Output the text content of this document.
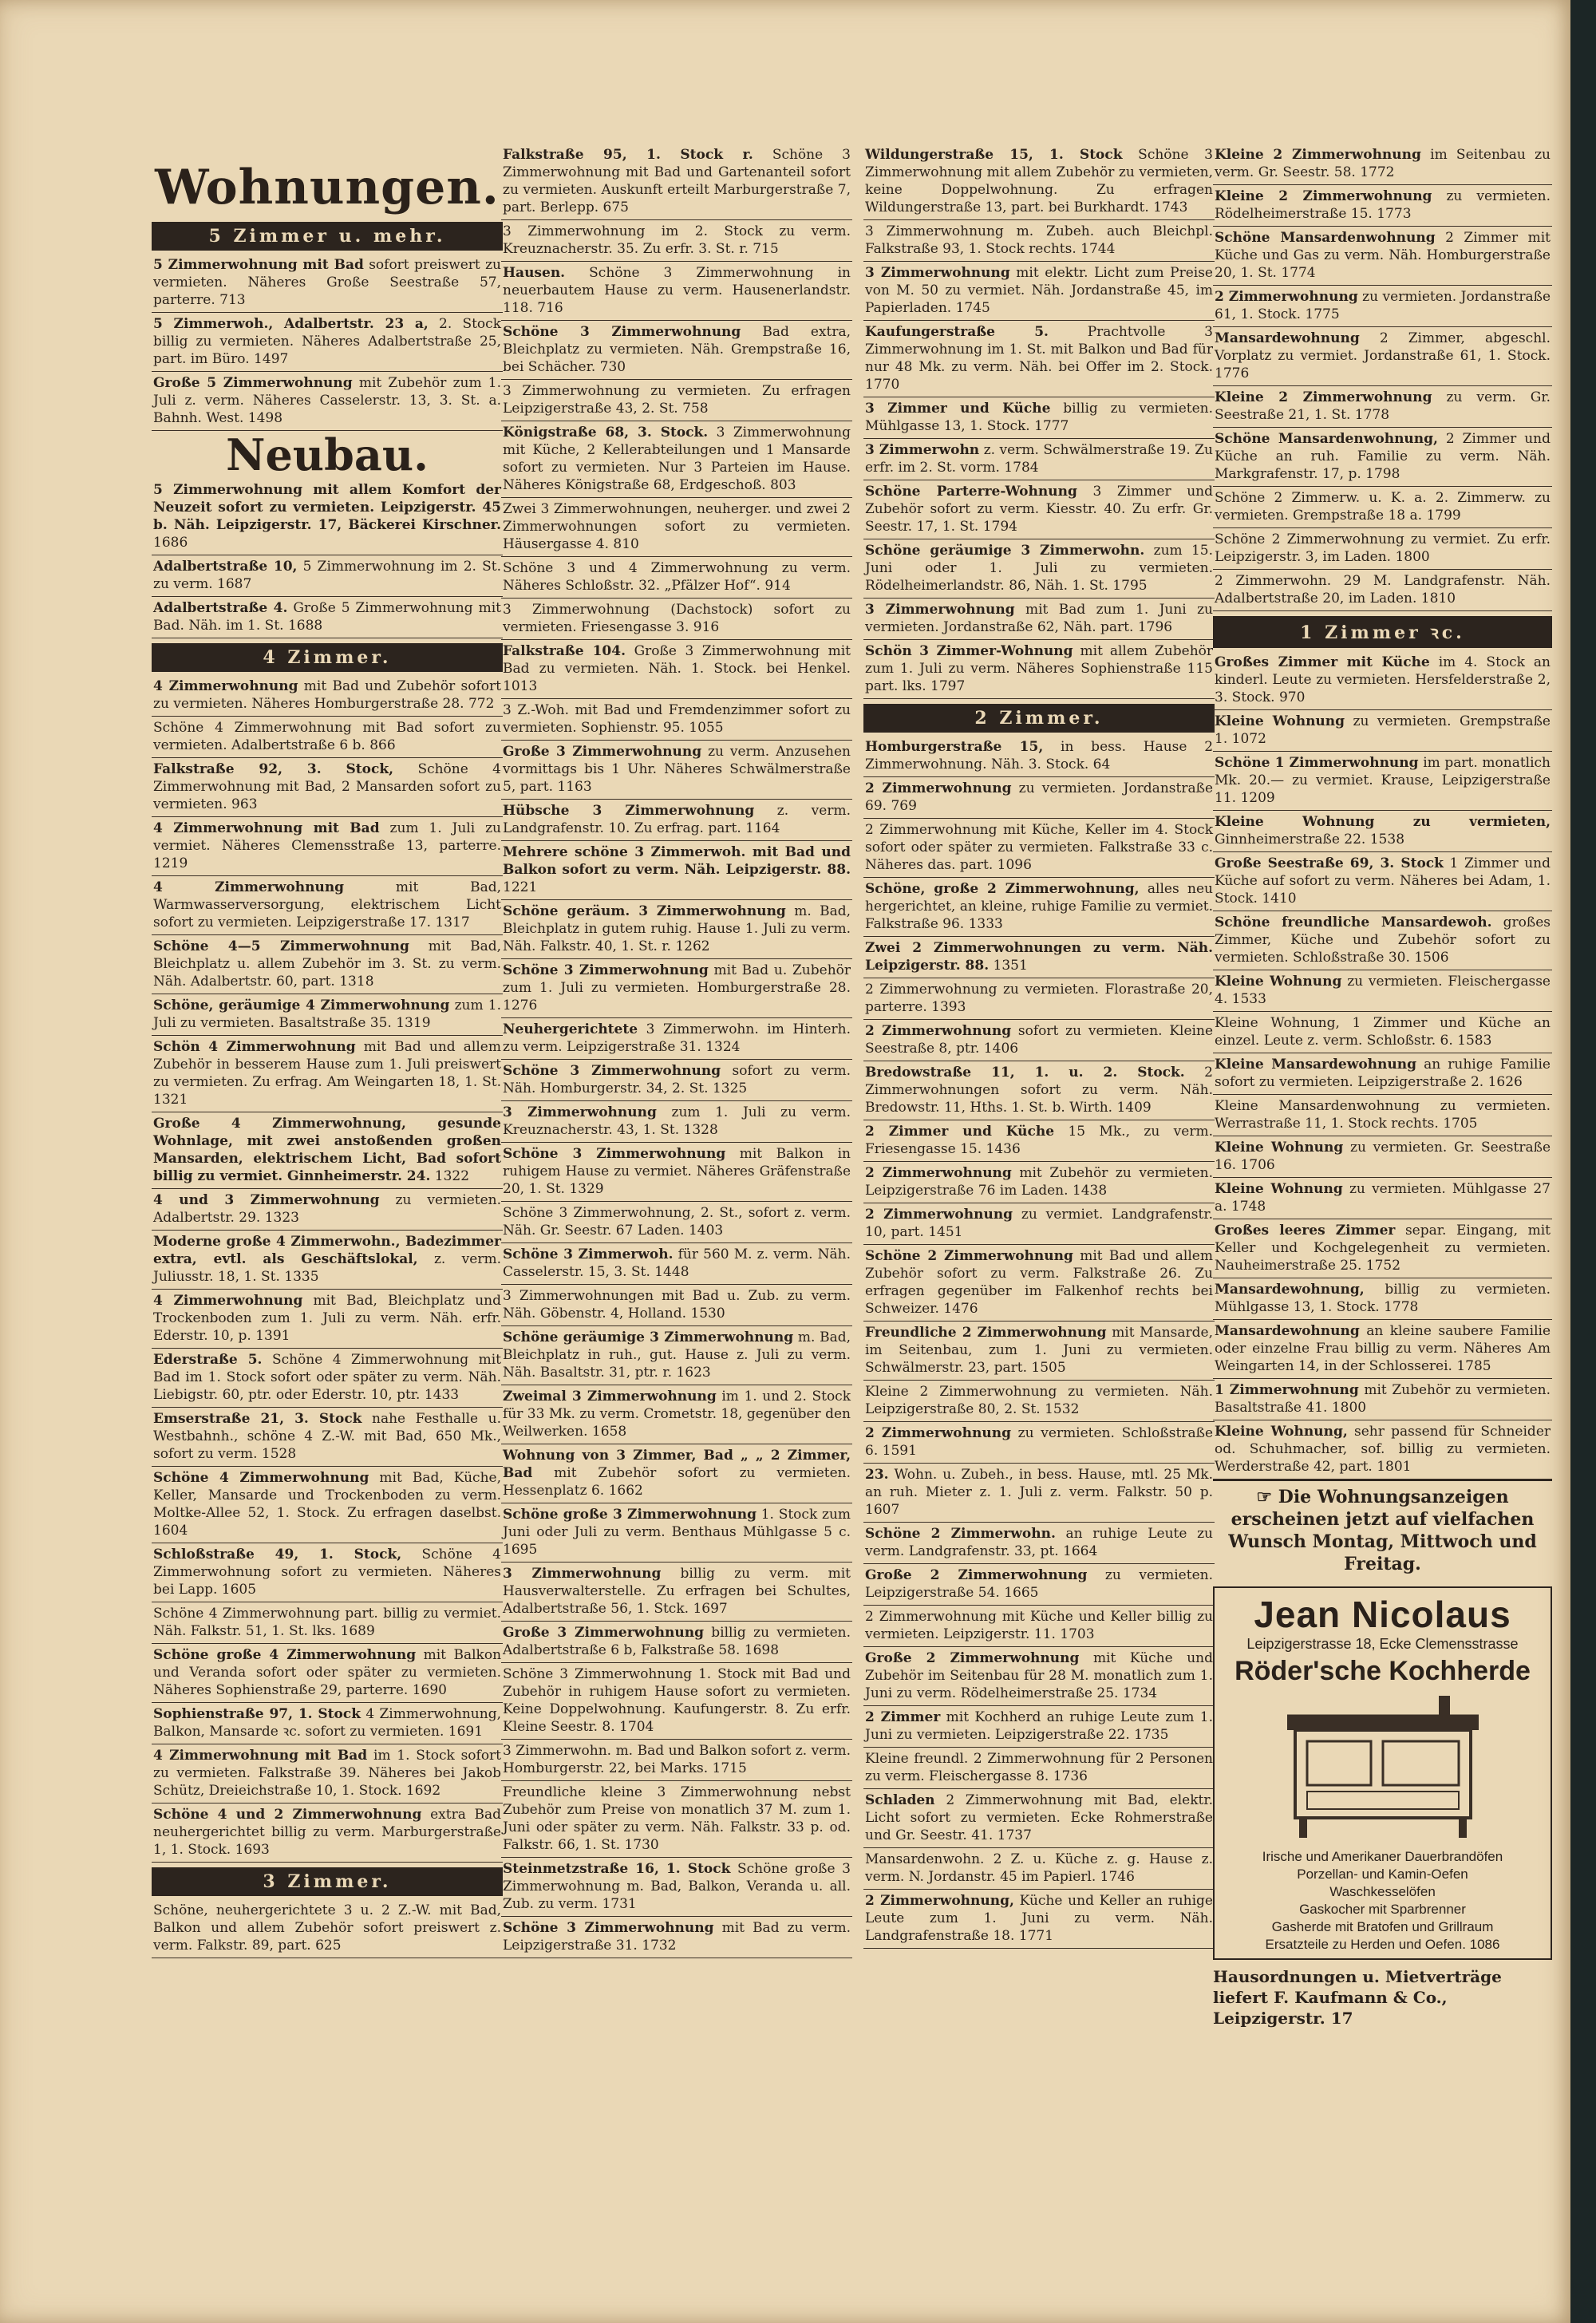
Wohnungen.
5 Zimmer u. mehr.
5 Zimmerwohnung mit Bad sofort preiswert zu vermieten. Näheres Große Seestraße 57, parterre. 713
5 Zimmerwoh., Adalbertstr. 23 a, 2. Stock billig zu vermieten. Näheres Adalbertstraße 25, part. im Büro. 1497
Große 5 Zimmerwohnung mit Zubehör zum 1. Juli z. verm. Näheres Casselerstr. 13, 3. St. a. Bahnh. West. 1498
Neubau.
5 Zimmerwohnung mit allem Komfort der Neuzeit sofort zu vermieten. Leipzigerstr. 45 b. Näh. Leipzigerstr. 17, Bäckerei Kirschner. 1686
Adalbertstraße 10, 5 Zimmerwohnung im 2. St. zu verm. 1687
Adalbertstraße 4. Große 5 Zimmerwohnung mit Bad. Näh. im 1. St. 1688
4 Zimmer.
4 Zimmerwohnung mit Bad und Zubehör sofort zu vermieten. Näheres Homburgerstraße 28. 772
Schöne 4 Zimmerwohnung mit Bad sofort zu vermieten. Adalbertstraße 6 b. 866
Falkstraße 92, 3. Stock, Schöne 4 Zimmerwohnung mit Bad, 2 Mansarden sofort zu vermieten. 963
4 Zimmerwohnung mit Bad zum 1. Juli zu vermiet. Näheres Clemensstraße 13, parterre. 1219
4 Zimmerwohnung	mit Bad, Warmwasserversorgung, elektrischem Licht sofort zu vermieten. Leipzigerstraße 17. 1317
Schöne 4—5 Zimmerwohnung mit Bad, Bleichplatz u. allem Zubehör im 3. St. zu verm. Näh. Adalbertstr. 60, part. 1318
Schöne, geräumige 4 Zimmerwohnung zum 1. Juli zu vermieten. Basaltstraße 35. 1319
Schön 4 Zimmerwohnung mit Bad und allem Zubehör in besserem Hause zum 1. Juli preiswert zu vermieten. Zu erfrag. Am Weingarten 18, 1. St. 1321
Große 4 Zimmerwohnung, gesunde Wohnlage, mit zwei anstoßenden großen Mansarden, elektrischem Licht, Bad sofort billig zu vermiet. Ginnheimerstr. 24. 1322
4 und 3 Zimmerwohnung zu vermieten. Adalbertstr. 29. 1323
Moderne große 4 Zimmerwohn., Badezimmer extra, evtl. als Geschäftslokal, z. verm. Juliusstr. 18, 1. St. 1335
4 Zimmerwohnung mit Bad, Bleichplatz und Trockenboden zum 1. Juli zu verm. Näh. erfr. Ederstr. 10, p. 1391
Ederstraße 5. Schöne 4 Zimmerwohnung mit Bad im 1. Stock sofort oder später zu verm. Näh. Liebigstr. 60, ptr. oder Ederstr. 10, ptr. 1433
Emserstraße 21, 3. Stock nahe Festhalle u. Westbahnh., schöne 4 Z.-W. mit Bad, 650 Mk., sofort zu verm. 1528
Schöne 4 Zimmerwohnung mit Bad, Küche, Keller, Mansarde und Trockenboden zu verm. Moltke-Allee 52, 1. Stock. Zu erfragen daselbst. 1604
Schloßstraße 49, 1. Stock, Schöne 4 Zimmerwohnung sofort zu vermieten. Näheres bei Lapp. 1605
Schöne 4 Zimmerwohnung part. billig zu vermiet. Näh. Falkstr. 51, 1. St. lks. 1689
Schöne große 4 Zimmerwohnung mit Balkon und Veranda sofort oder später zu vermieten. Näheres Sophienstraße 29, parterre. 1690
Sophienstraße 97, 1. Stock 4 Zimmerwohnung, Balkon, Mansarde ꝛc. sofort zu vermieten. 1691
4 Zimmerwohnung mit Bad im 1. Stock sofort zu vermieten. Falkstraße 39. Näheres bei Jakob Schütz, Dreieichstraße 10, 1. Stock. 1692
Schöne 4 und 2 Zimmerwohnung extra Bad neuhergerichtet billig zu verm. Marburgerstraße 1, 1. Stock. 1693
3 Zimmer.
Schöne, neuhergerichtete 3 u. 2 Z.-W. mit Bad, Balkon und allem Zubehör sofort preiswert z. verm. Falkstr. 89, part. 625
Falkstraße 95, 1. Stock r. Schöne 3 Zimmerwohnung mit Bad und Gartenanteil sofort zu vermieten. Auskunft erteilt Marburgerstraße 7, part. Berlepp. 675
3 Zimmerwohnung im 2. Stock zu verm. Kreuznacherstr. 35. Zu erfr. 3. St. r. 715
Hausen. Schöne 3 Zimmerwohnung in neuerbautem Hause zu verm. Hausenerlandstr. 118. 716
Schöne 3 Zimmerwohnung Bad extra, Bleichplatz zu vermieten. Näh. Grempstraße 16, bei Schächer. 730
3 Zimmerwohnung zu vermieten. Zu erfragen Leipzigerstraße 43, 2. St. 758
Königstraße 68, 3. Stock. 3 Zimmerwohnung mit Küche, 2 Kellerabteilungen und 1 Mansarde sofort zu vermieten. Nur 3 Parteien im Hause. Näheres Königstraße 68, Erdgeschoß. 803
Zwei 3 Zimmerwohnungen, neuherger. und zwei 2 Zimmerwohnungen sofort zu vermieten. Häusergasse 4. 810
Schöne 3 und 4 Zimmerwohnung zu verm. Näheres Schloßstr. 32. „Pfälzer Hof“. 914
3 Zimmerwohnung (Dachstock) sofort zu vermieten. Friesengasse 3. 916
Falkstraße 104. Große 3 Zimmerwohnung mit Bad zu vermieten. Näh. 1. Stock. bei Henkel. 1013
3 Z.-Woh. mit Bad und Fremdenzimmer sofort zu vermieten. Sophienstr. 95. 1055
Große 3 Zimmerwohnung zu verm. Anzusehen vormittags bis 1 Uhr. Näheres Schwälmerstraße 5, part. 1163
Hübsche 3 Zimmerwohnung z. verm. Landgrafenstr. 10. Zu erfrag. part. 1164
Mehrere schöne 3 Zimmerwoh. mit Bad und Balkon sofort zu verm. Näh. Leipzigerstr. 88. 1221
Schöne geräum. 3 Zimmerwohnung m. Bad, Bleichplatz in gutem ruhig. Hause 1. Juli zu verm. Näh. Falkstr. 40, 1. St. r. 1262
Schöne 3 Zimmerwohnung mit Bad u. Zubehör zum 1. Juli zu vermieten. Homburgerstraße 28. 1276
Neuhergerichtete 3 Zimmerwohn. im Hinterh. zu verm. Leipzigerstraße 31. 1324
Schöne 3 Zimmerwohnung sofort zu verm. Näh. Homburgerstr. 34, 2. St. 1325
3 Zimmerwohnung zum 1. Juli zu verm. Kreuznacherstr. 43, 1. St. 1328
Schöne 3 Zimmerwohnung mit Balkon in ruhigem Hause zu vermiet. Näheres Gräfenstraße 20, 1. St. 1329
Schöne 3 Zimmerwohnung, 2. St., sofort z. verm. Näh. Gr. Seestr. 67 Laden. 1403
Schöne 3 Zimmerwoh. für 560 M. z. verm. Näh. Casselerstr. 15, 3. St. 1448
3 Zimmerwohnungen mit Bad u. Zub. zu verm. Näh. Göbenstr. 4, Holland. 1530
Schöne geräumige 3 Zimmerwohnung m. Bad, Bleichplatz in ruh., gut. Hause z. Juli zu verm. Näh. Basaltstr. 31, ptr. r. 1623
Zweimal 3 Zimmerwohnung im 1. und 2. Stock für 33 Mk. zu verm. Crometstr. 18, gegenüber den Weilwerken. 1658
Wohnung von 3 Zimmer, Bad „ „ 2 Zimmer, Bad mit Zubehör sofort zu vermieten. Hessenplatz 6. 1662
Schöne große 3 Zimmerwohnung 1. Stock zum Juni oder Juli zu verm. Benthaus Mühlgasse 5 c. 1695
3 Zimmerwohnung billig zu verm. mit Hausverwalterstelle. Zu erfragen bei Schultes, Adalbertstraße 56, 1. Stck. 1697
Große 3 Zimmerwohnung billig zu vermieten. Adalbertstraße 6 b, Falkstraße 58. 1698
Schöne 3 Zimmerwohnung 1. Stock mit Bad und Zubehör in ruhigem Hause sofort zu vermieten. Keine Doppelwohnung. Kaufungerstr. 8. Zu erfr. Kleine Seestr. 8. 1704
3 Zimmerwohn. m. Bad und Balkon sofort z. verm. Homburgerstr. 22, bei Marks. 1715
Freundliche kleine 3 Zimmerwohnung nebst Zubehör zum Preise von monatlich 37 M. zum 1. Juni oder später zu verm. Näh. Falkstr. 33 p. od. Falkstr. 66, 1. St. 1730
Steinmetzstraße 16, 1. Stock Schöne große 3 Zimmerwohnung m. Bad, Balkon, Veranda u. all. Zub. zu verm. 1731
Schöne 3 Zimmerwohnung mit Bad zu verm. Leipzigerstraße 31. 1732
Wildungerstraße 15, 1. Stock Schöne 3 Zimmerwohnung mit allem Zubehör zu vermieten, keine Doppelwohnung. Zu erfragen Wildungerstraße 13, part. bei Burkhardt. 1743
3 Zimmerwohnung m. Zubeh. auch Bleichpl. Falkstraße 93, 1. Stock rechts. 1744
3 Zimmerwohnung mit elektr. Licht zum Preise von M. 50 zu vermiet. Näh. Jordanstraße 45, im Papierladen. 1745
Kaufungerstraße 5.	Prachtvolle 3 Zimmerwohnung im 1. St. mit Balkon und Bad für nur 48 Mk. zu verm. Näh. bei Offer im 2. Stock. 1770
3 Zimmer und Küche billig zu vermieten. Mühlgasse 13, 1. Stock. 1777
3 Zimmerwohn z. verm. Schwälmerstraße 19. Zu erfr. im 2. St. vorm. 1784
Schöne Parterre-Wohnung 3 Zimmer und Zubehör sofort zu verm. Kiesstr. 40. Zu erfr. Gr. Seestr. 17, 1. St. 1794
Schöne geräumige 3 Zimmerwohn. zum 15. Juni oder 1. Juli zu vermieten. Rödelheimerlandstr. 86, Näh. 1. St. 1795
3 Zimmerwohnung mit Bad zum 1. Juni zu vermieten. Jordanstraße 62, Näh. part. 1796
Schön 3 Zimmer-Wohnung mit allem Zubehör zum 1. Juli zu verm. Näheres Sophienstraße 115 part. lks. 1797
2 Zimmer.
Homburgerstraße 15, in bess. Hause 2 Zimmerwohnung. Näh. 3. Stock. 64
2 Zimmerwohnung zu vermieten. Jordanstraße 69. 769
2 Zimmerwohnung mit Küche, Keller im 4. Stock sofort oder später zu vermieten. Falkstraße 33 c. Näheres das. part. 1096
Schöne, große 2 Zimmerwohnung, alles neu hergerichtet, an kleine, ruhige Familie zu vermiet. Falkstraße 96. 1333
Zwei 2 Zimmerwohnungen zu verm. Näh. Leipzigerstr. 88. 1351
2 Zimmerwohnung zu vermieten. Florastraße 20, parterre. 1393
2 Zimmerwohnung sofort zu vermieten. Kleine Seestraße 8, ptr. 1406
Bredowstraße 11, 1. u. 2. Stock. 2 Zimmerwohnungen sofort zu verm. Näh. Bredowstr. 11, Hths. 1. St. b. Wirth. 1409
2 Zimmer und Küche 15 Mk., zu verm. Friesengasse 15. 1436
2 Zimmerwohnung mit Zubehör zu vermieten. Leipzigerstraße 76 im Laden. 1438
2 Zimmerwohnung zu vermiet. Landgrafenstr. 10, part. 1451
Schöne 2 Zimmerwohnung mit Bad und allem Zubehör sofort zu verm. Falkstraße 26. Zu erfragen gegenüber im Falkenhof rechts bei Schweizer. 1476
Freundliche 2 Zimmerwohnung mit Mansarde, im Seitenbau, zum 1. Juni zu vermieten. Schwälmerstr. 23, part. 1505
Kleine 2 Zimmerwohnung zu vermieten. Näh. Leipzigerstraße 80, 2. St. 1532
2 Zimmerwohnung zu vermieten. Schloßstraße 6. 1591
23. Wohn. u. Zubeh., in bess. Hause, mtl. 25 Mk. an ruh. Mieter z. 1. Juli z. verm. Falkstr. 50 p. 1607
Schöne 2 Zimmerwohn. an ruhige Leute zu verm. Landgrafenstr. 33, pt. 1664
Große 2 Zimmerwohnung zu vermieten. Leipzigerstraße 54. 1665
2 Zimmerwohnung mit Küche und Keller billig zu vermieten. Leipzigerstr. 11. 1703
Große 2 Zimmerwohnung mit Küche und Zubehör im Seitenbau für 28 M. monatlich zum 1. Juni zu verm. Rödelheimerstraße 25. 1734
2 Zimmer mit Kochherd an ruhige Leute zum 1. Juni zu vermieten. Leipzigerstraße 22. 1735
Kleine freundl. 2 Zimmerwohnung für 2 Personen zu verm. Fleischergasse 8. 1736
Schladen 2 Zimmerwohnung mit Bad, elektr. Licht sofort zu vermieten. Ecke Rohmerstraße und Gr. Seestr. 41. 1737
Mansardenwohn. 2 Z. u. Küche z. g. Hause z. verm. N. Jordanstr. 45 im Papierl. 1746
2 Zimmerwohnung, Küche und Keller an ruhige Leute zum 1. Juni zu verm. Näh. Landgrafenstraße 18. 1771
Kleine 2 Zimmerwohnung im Seitenbau zu verm. Gr. Seestr. 58. 1772
Kleine 2 Zimmerwohnung zu vermieten. Rödelheimerstraße 15. 1773
Schöne Mansardenwohnung 2 Zimmer mit Küche und Gas zu verm. Näh. Homburgerstraße 20, 1. St. 1774
2 Zimmerwohnung zu vermieten. Jordanstraße 61, 1. Stock. 1775
Mansardewohnung 2 Zimmer, abgeschl. Vorplatz zu vermiet. Jordanstraße 61, 1. Stock. 1776
Kleine 2 Zimmerwohnung zu verm. Gr. Seestraße 21, 1. St. 1778
Schöne Mansardenwohnung, 2 Zimmer und Küche an ruh. Familie zu verm. Näh. Markgrafenstr. 17, p. 1798
Schöne 2 Zimmerw. u. K. a. 2. Zimmerw. zu vermieten. Grempstraße 18 a. 1799
Schöne 2 Zimmerwohnung zu vermiet. Zu erfr. Leipzigerstr. 3, im Laden. 1800
2 Zimmerwohn. 29 M. Landgrafenstr. Näh. Adalbertstraße 20, im Laden. 1810
1 Zimmer ꝛc.
Großes Zimmer mit Küche im 4. Stock an kinderl. Leute zu vermieten. Hersfelderstraße 2, 3. Stock. 970
Kleine Wohnung zu vermieten. Grempstraße 1. 1072
Schöne 1 Zimmerwohnung im part. monatlich Mk. 20.— zu vermiet. Krause, Leipzigerstraße 11. 1209
Kleine Wohnung zu vermieten, Ginnheimerstraße 22. 1538
Große Seestraße 69, 3. Stock 1 Zimmer und Küche auf sofort zu verm. Näheres bei Adam, 1. Stock. 1410
Schöne freundliche Mansardewoh. großes Zimmer, Küche und Zubehör sofort zu vermieten. Schloßstraße 30. 1506
Kleine Wohnung zu vermieten. Fleischergasse 4. 1533
Kleine Wohnung, 1 Zimmer und Küche an einzel. Leute z. verm. Schloßstr. 6. 1583
Kleine Mansardewohnung an ruhige Familie sofort zu vermieten. Leipzigerstraße 2. 1626
Kleine Mansardenwohnung zu vermieten. Werrastraße 11, 1. Stock rechts. 1705
Kleine Wohnung zu vermieten. Gr. Seestraße 16. 1706
Kleine Wohnung zu vermieten. Mühlgasse 27 a. 1748
Großes leeres Zimmer separ. Eingang, mit Keller und Kochgelegenheit zu vermieten. Nauheimerstraße 25. 1752
Mansardewohnung, billig zu vermieten. Mühlgasse 13, 1. Stock. 1778
Mansardewohnung an kleine saubere Familie oder einzelne Frau billig zu verm. Näheres Am Weingarten 14, in der Schlosserei. 1785
1 Zimmerwohnung mit Zubehör zu vermieten. Basaltstraße 41. 1800
Kleine Wohnung, sehr passend für Schneider od. Schuhmacher, sof. billig zu vermieten. Werderstraße 42, part. 1801
☞ Die Wohnungsanzeigen erscheinen jetzt auf vielfachen Wunsch Montag, Mittwoch und Freitag.
Jean Nicolaus
Leipzigerstrasse 18, Ecke Clemensstrasse
Röder'sche Kochherde
Irische und Amerikaner Dauerbrandöfen
Porzellan- und Kamin-Oefen
Waschkesselöfen
Gaskocher mit Sparbrenner
Gasherde mit Bratofen und Grillraum
Ersatzteile zu Herden und Oefen. 1086
Hausordnungen u. Mietverträge liefert F. Kaufmann & Co., Leipzigerstr. 17
